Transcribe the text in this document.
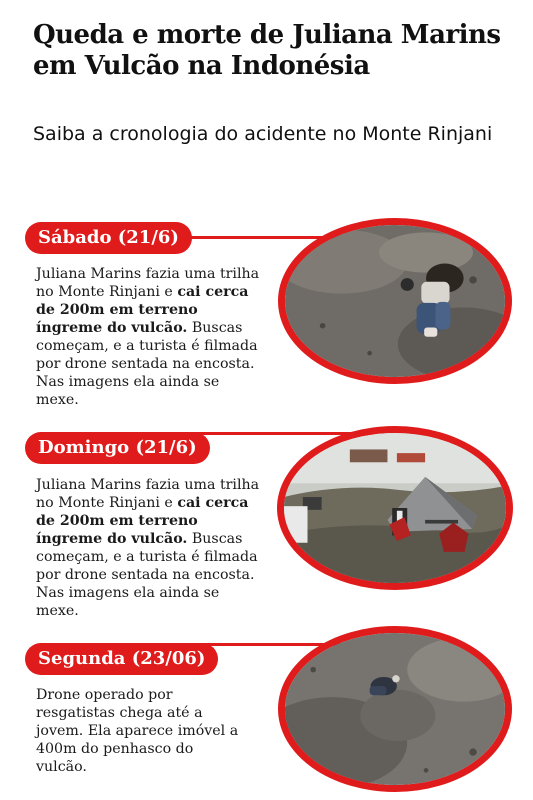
Queda e morte de Juliana Marins em Vulcão na Indonésia
Saiba a cronologia do acidente no Monte Rinjani
Sábado (21/6)
Juliana Marins fazia uma trilha no Monte Rinjani e cai cerca de 200m em terreno íngreme do vulcão. Buscas começam, e a turista é filmada por drone sentada na encosta. Nas imagens ela ainda se mexe.
Domingo (21/6)
Juliana Marins fazia uma trilha no Monte Rinjani e cai cerca de 200m em terreno íngreme do vulcão. Buscas começam, e a turista é filmada por drone sentada na encosta. Nas imagens ela ainda se mexe.
Segunda (23/06)
Drone operado por resgatistas chega até a jovem. Ela aparece imóvel a 400m do penhasco do vulcão.
